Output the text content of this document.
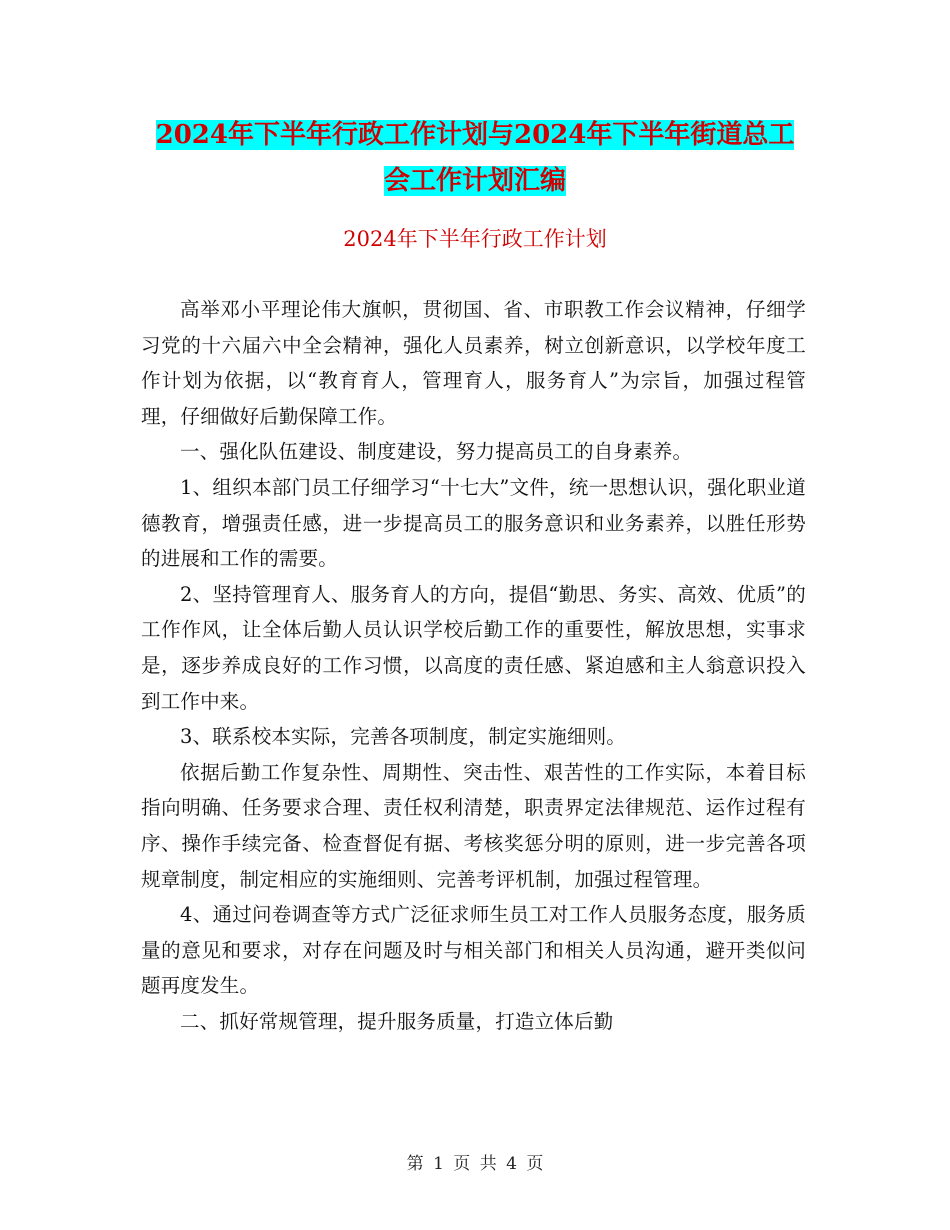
2024年下半年行政工作计划与2024年下半年街道总工
会工作计划汇编
2024年下半年行政工作计划

高举邓小平理论伟大旗帜，贯彻国、省、市职教工作会议精神，仔细学习党的十六届六中全会精神，强化人员素养，树立创新意识，以学校年度工作计划为依据，以“教育育人，管理育人，服务育人”为宗旨，加强过程管理，仔细做好后勤保障工作。

一、强化队伍建设、制度建设，努力提高员工的自身素养。

1、组织本部门员工仔细学习“十七大”文件，统一思想认识，强化职业道德教育，增强责任感，进一步提高员工的服务意识和业务素养，以胜任形势的进展和工作的需要。

2、坚持管理育人、服务育人的方向，提倡“勤思、务实、高效、优质”的工作作风，让全体后勤人员认识学校后勤工作的重要性，解放思想，实事求是，逐步养成良好的工作习惯，以高度的责任感、紧迫感和主人翁意识投入到工作中来。

3、联系校本实际，完善各项制度，制定实施细则。

依据后勤工作复杂性、周期性、突击性、艰苦性的工作实际，本着目标指向明确、任务要求合理、责任权利清楚，职责界定法律规范、运作过程有序、操作手续完备、检查督促有据、考核奖惩分明的原则，进一步完善各项规章制度，制定相应的实施细则、完善考评机制，加强过程管理。

4、通过问卷调查等方式广泛征求师生员工对工作人员服务态度，服务质量的意见和要求，对存在问题及时与相关部门和相关人员沟通，避开类似问题再度发生。

二、抓好常规管理，提升服务质量，打造立体后勤

第 1 页 共 4 页
